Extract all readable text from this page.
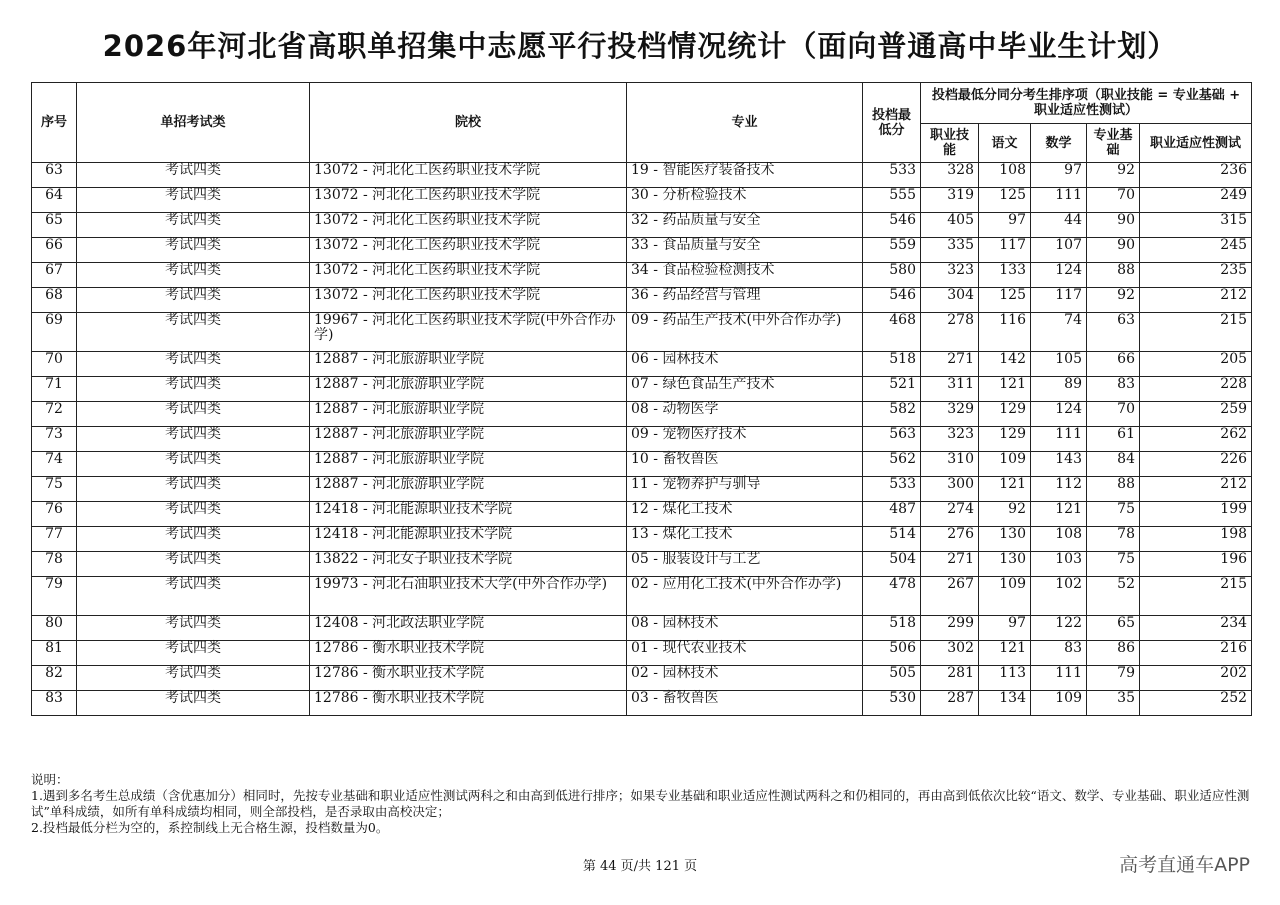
2026年河北省高职单招集中志愿平行投档情况统计（面向普通高中毕业生计划）
序号	单招考试类	院校	专业	投档最低分	投档最低分同分考生排序项（职业技能 = 专业基础 + 职业适应性测试）				
					职业技能	语文	数学	专业基础	职业适应性测试
63	考试四类	13072 - 河北化工医药职业技术学院	19 - 智能医疗装备技术	533	328	108	97	92	236
64	考试四类	13072 - 河北化工医药职业技术学院	30 - 分析检验技术	555	319	125	111	70	249
65	考试四类	13072 - 河北化工医药职业技术学院	32 - 药品质量与安全	546	405	97	44	90	315
66	考试四类	13072 - 河北化工医药职业技术学院	33 - 食品质量与安全	559	335	117	107	90	245
67	考试四类	13072 - 河北化工医药职业技术学院	34 - 食品检验检测技术	580	323	133	124	88	235
68	考试四类	13072 - 河北化工医药职业技术学院	36 - 药品经营与管理	546	304	125	117	92	212
69	考试四类	19967 - 河北化工医药职业技术学院(中外合作办学)	09 - 药品生产技术(中外合作办学)	468	278	116	74	63	215
70	考试四类	12887 - 河北旅游职业学院	06 - 园林技术	518	271	142	105	66	205
71	考试四类	12887 - 河北旅游职业学院	07 - 绿色食品生产技术	521	311	121	89	83	228
72	考试四类	12887 - 河北旅游职业学院	08 - 动物医学	582	329	129	124	70	259
73	考试四类	12887 - 河北旅游职业学院	09 - 宠物医疗技术	563	323	129	111	61	262
74	考试四类	12887 - 河北旅游职业学院	10 - 畜牧兽医	562	310	109	143	84	226
75	考试四类	12887 - 河北旅游职业学院	11 - 宠物养护与驯导	533	300	121	112	88	212
76	考试四类	12418 - 河北能源职业技术学院	12 - 煤化工技术	487	274	92	121	75	199
77	考试四类	12418 - 河北能源职业技术学院	13 - 煤化工技术	514	276	130	108	78	198
78	考试四类	13822 - 河北女子职业技术学院	05 - 服装设计与工艺	504	271	130	103	75	196
79	考试四类	19973 - 河北石油职业技术大学(中外合作办学)	02 - 应用化工技术(中外合作办学)	478	267	109	102	52	215
80	考试四类	12408 - 河北政法职业学院	08 - 园林技术	518	299	97	122	65	234
81	考试四类	12786 - 衡水职业技术学院	01 - 现代农业技术	506	302	121	83	86	216
82	考试四类	12786 - 衡水职业技术学院	02 - 园林技术	505	281	113	111	79	202
83	考试四类	12786 - 衡水职业技术学院	03 - 畜牧兽医	530	287	134	109	35	252
说明：
1.遇到多名考生总成绩（含优惠加分）相同时，先按专业基础和职业适应性测试两科之和由高到低进行排序；如果专业基础和职业适应性测试两科之和仍相同的，再由高到低依次比较“语文、数学、专业基础、职业适应性测试”单科成绩，如所有单科成绩均相同，则全部投档，是否录取由高校决定；
2.投档最低分栏为空的，系控制线上无合格生源，投档数量为0。
第 44 页/共 121 页	高考直通车APP
